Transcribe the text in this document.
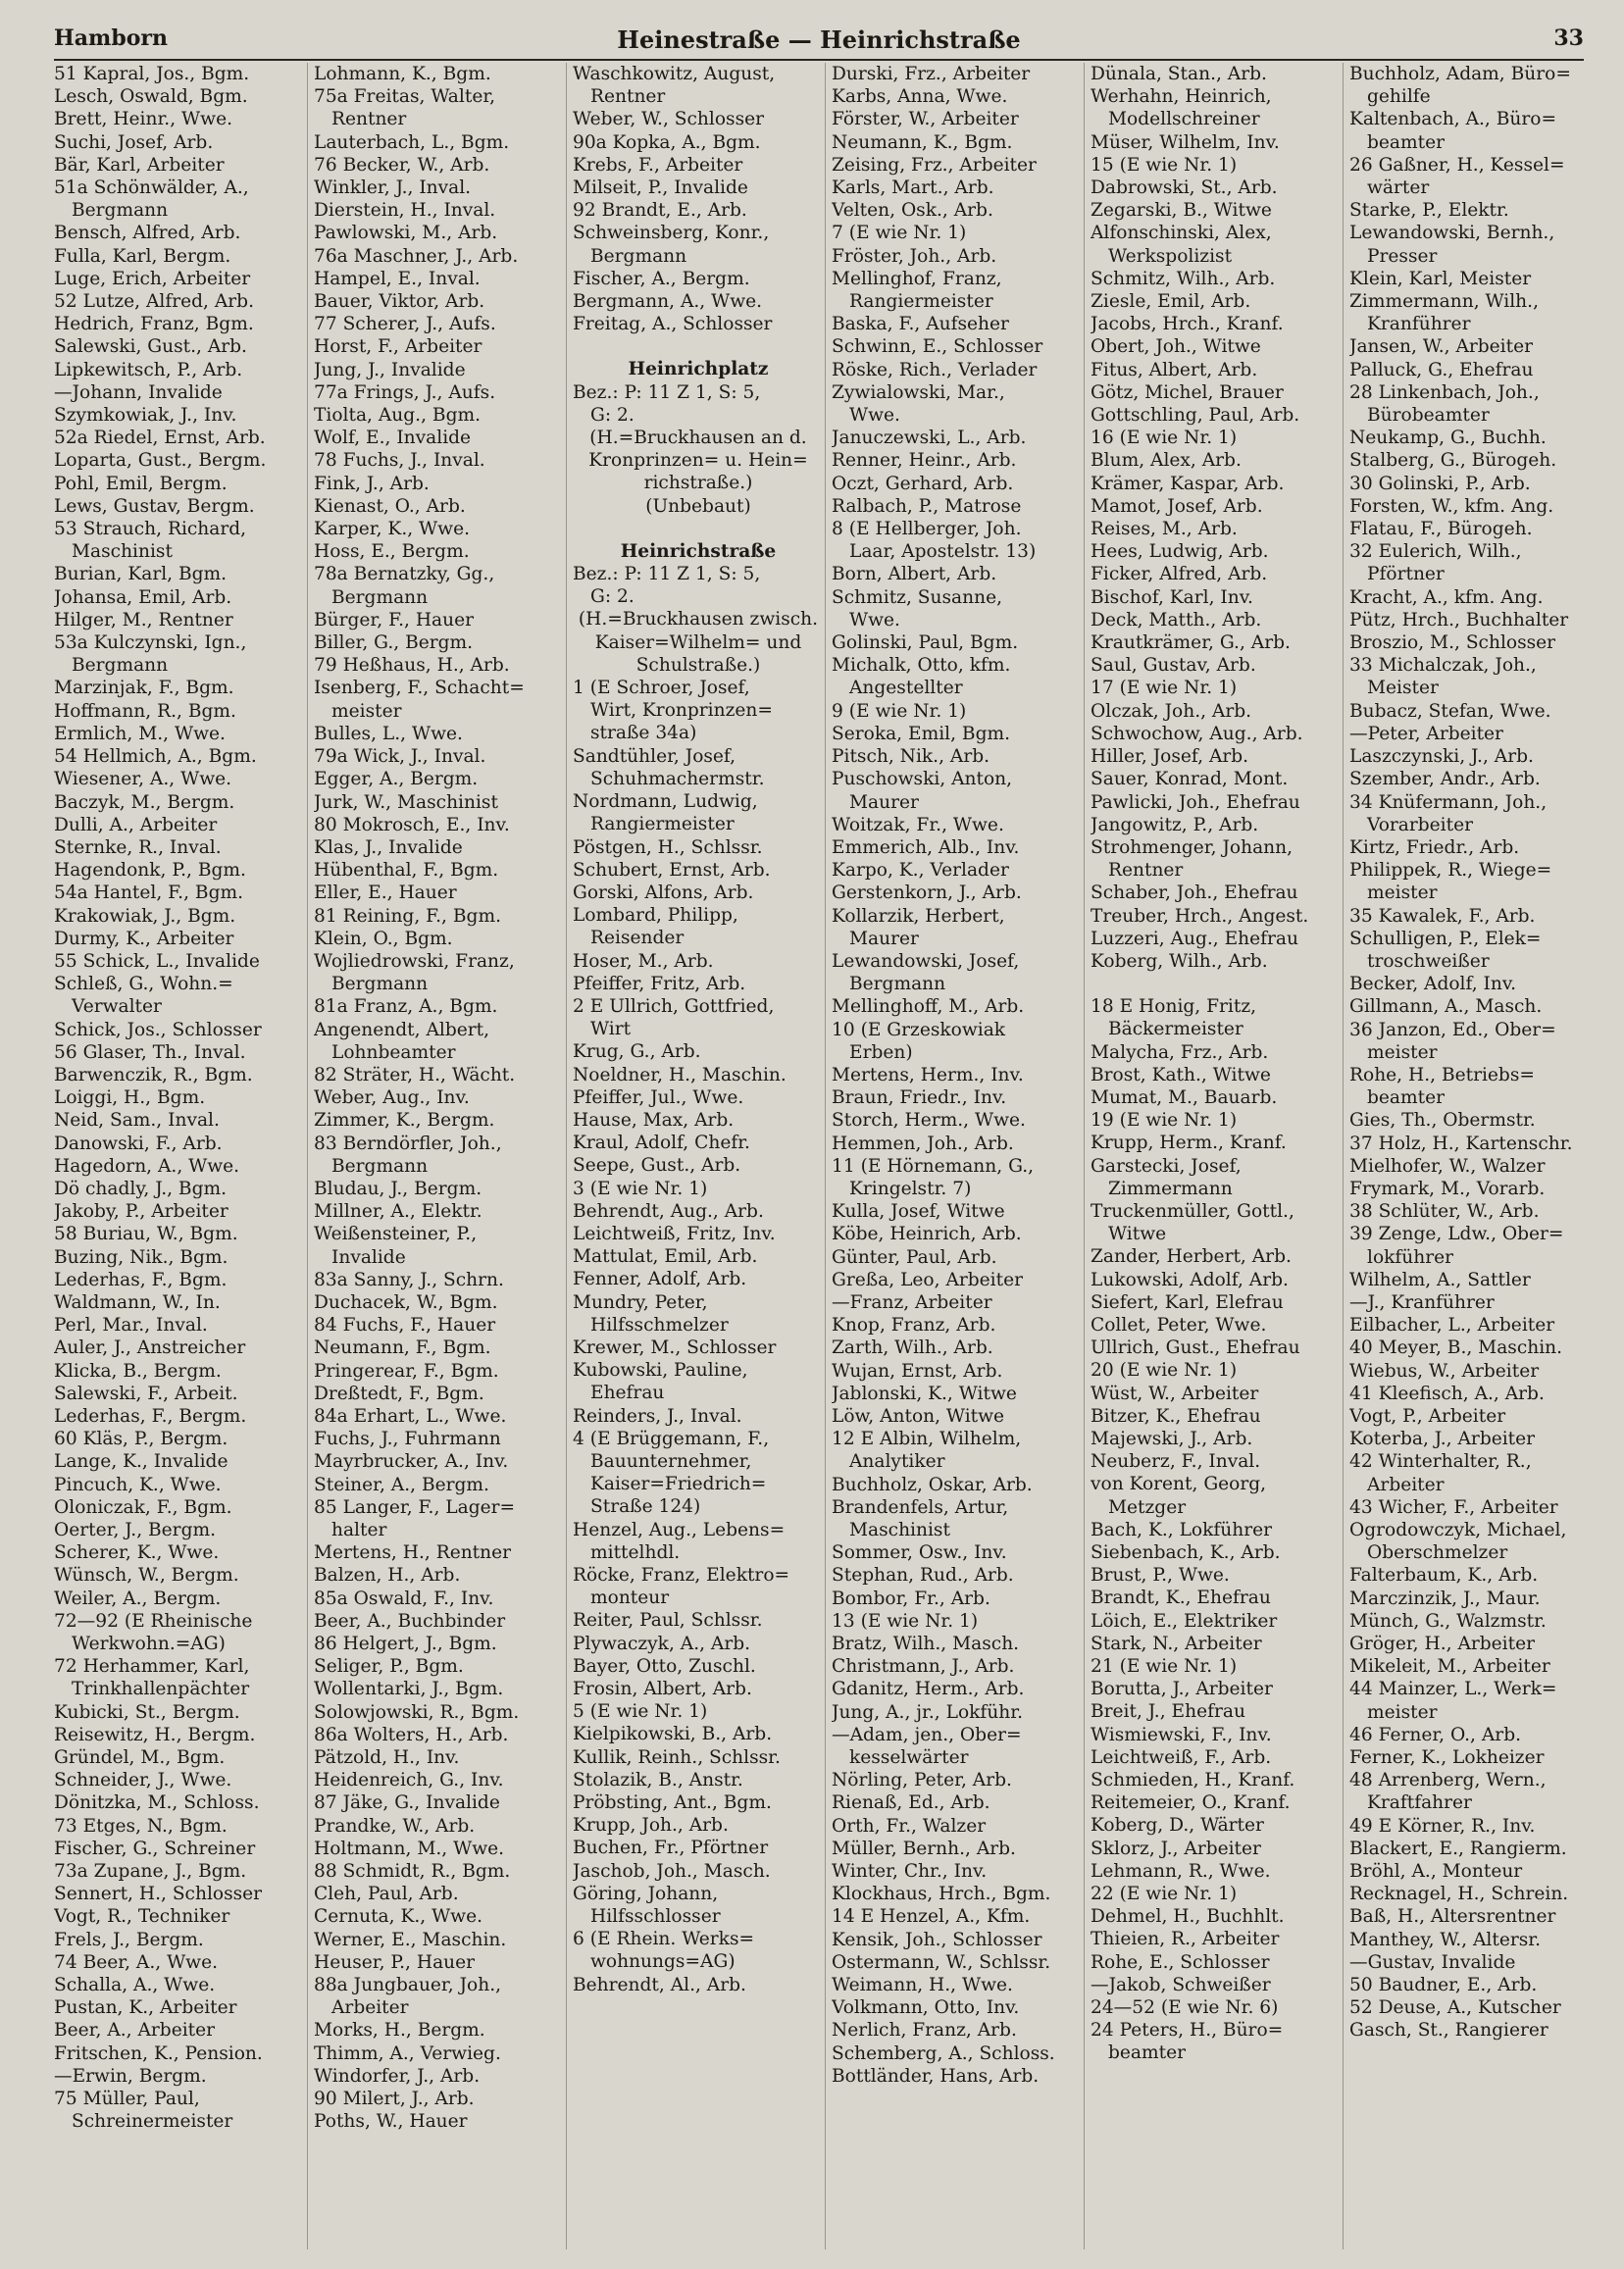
Hamborn	Heinestraße — Heinrichstraße	33
51 Kapral, Jos., Bgm.
Lesch, Oswald, Bgm.
Brett, Heinr., Wwe.
Suchi, Josef, Arb.
Bär, Karl, Arbeiter
51a Schönwälder, A.,
Bergmann
Bensch, Alfred, Arb.
Fulla, Karl, Bergm.
Luge, Erich, Arbeiter
52 Lutze, Alfred, Arb.
Hedrich, Franz, Bgm.
Salewski, Gust., Arb.
Lipkewitsch, P., Arb.
—Johann, Invalide
Szymkowiak, J., Inv.
52a Riedel, Ernst, Arb.
Loparta, Gust., Bergm.
Pohl, Emil, Bergm.
Lews, Gustav, Bergm.
53 Strauch, Richard,
Maschinist
Burian, Karl, Bgm.
Johansa, Emil, Arb.
Hilger, M., Rentner
53a Kulczynski, Ign.,
Bergmann
Marzinjak, F., Bgm.
Hoffmann, R., Bgm.
Ermlich, M., Wwe.
54 Hellmich, A., Bgm.
Wiesener, A., Wwe.
Baczyk, M., Bergm.
Dulli, A., Arbeiter
Sternke, R., Inval.
Hagendonk, P., Bgm.
54a Hantel, F., Bgm.
Krakowiak, J., Bgm.
Durmy, K., Arbeiter
55 Schick, L., Invalide
Schleß, G., Wohn.=
Verwalter
Schick, Jos., Schlosser
56 Glaser, Th., Inval.
Barwenczik, R., Bgm.
Loiggi, H., Bgm.
Neid, Sam., Inval.
Danowski, F., Arb.
Hagedorn, A., Wwe.
Dö chadly, J., Bgm.
Jakoby, P., Arbeiter
58 Buriau, W., Bgm.
Buzing, Nik., Bgm.
Lederhas, F., Bgm.
Waldmann, W., In.
Perl, Mar., Inval.
Auler, J., Anstreicher
Klicka, B., Bergm.
Salewski, F., Arbeit.
Lederhas, F., Bergm.
60 Kläs, P., Bergm.
Lange, K., Invalide
Pincuch, K., Wwe.
Oloniczak, F., Bgm.
Oerter, J., Bergm.
Scherer, K., Wwe.
Wünsch, W., Bergm.
Weiler, A., Bergm.
72—92 (E Rheinische
Werkwohn.=AG)
72 Herhammer, Karl,
Trinkhallenpächter
Kubicki, St., Bergm.
Reisewitz, H., Bergm.
Gründel, M., Bgm.
Schneider, J., Wwe.
Dönitzka, M., Schloss.
73 Etges, N., Bgm.
Fischer, G., Schreiner
73a Zupane, J., Bgm.
Sennert, H., Schlosser
Vogt, R., Techniker
Frels, J., Bergm.
74 Beer, A., Wwe.
Schalla, A., Wwe.
Pustan, K., Arbeiter
Beer, A., Arbeiter
Fritschen, K., Pension.
—Erwin, Bergm.
75 Müller, Paul,
Schreinermeister
Lohmann, K., Bgm.
75a Freitas, Walter,
Rentner
Lauterbach, L., Bgm.
76 Becker, W., Arb.
Winkler, J., Inval.
Dierstein, H., Inval.
Pawlowski, M., Arb.
76a Maschner, J., Arb.
Hampel, E., Inval.
Bauer, Viktor, Arb.
77 Scherer, J., Aufs.
Horst, F., Arbeiter
Jung, J., Invalide
77a Frings, J., Aufs.
Tiolta, Aug., Bgm.
Wolf, E., Invalide
78 Fuchs, J., Inval.
Fink, J., Arb.
Kienast, O., Arb.
Karper, K., Wwe.
Hoss, E., Bergm.
78a Bernatzky, Gg.,
Bergmann
Bürger, F., Hauer
Biller, G., Bergm.
79 Heßhaus, H., Arb.
Isenberg, F., Schacht=
meister
Bulles, L., Wwe.
79a Wick, J., Inval.
Egger, A., Bergm.
Jurk, W., Maschinist
80 Mokrosch, E., Inv.
Klas, J., Invalide
Hübenthal, F., Bgm.
Eller, E., Hauer
81 Reining, F., Bgm.
Klein, O., Bgm.
Wojliedrowski, Franz,
Bergmann
81a Franz, A., Bgm.
Angenendt, Albert,
Lohnbeamter
82 Sträter, H., Wächt.
Weber, Aug., Inv.
Zimmer, K., Bergm.
83 Berndörfler, Joh.,
Bergmann
Bludau, J., Bergm.
Millner, A., Elektr.
Weißensteiner, P.,
Invalide
83a Sanny, J., Schrn.
Duchacek, W., Bgm.
84 Fuchs, F., Hauer
Neumann, F., Bgm.
Pringerear, F., Bgm.
Dreßtedt, F., Bgm.
84a Erhart, L., Wwe.
Fuchs, J., Fuhrmann
Mayrbrucker, A., Inv.
Steiner, A., Bergm.
85 Langer, F., Lager=
halter
Mertens, H., Rentner
Balzen, H., Arb.
85a Oswald, F., Inv.
Beer, A., Buchbinder
86 Helgert, J., Bgm.
Seliger, P., Bgm.
Wollentarki, J., Bgm.
Solowjowski, R., Bgm.
86a Wolters, H., Arb.
Pätzold, H., Inv.
Heidenreich, G., Inv.
87 Jäke, G., Invalide
Prandke, W., Arb.
Holtmann, M., Wwe.
88 Schmidt, R., Bgm.
Cleh, Paul, Arb.
Cernuta, K., Wwe.
Werner, E., Maschin.
Heuser, P., Hauer
88a Jungbauer, Joh.,
Arbeiter
Morks, H., Bergm.
Thimm, A., Verwieg.
Windorfer, J., Arb.
90 Milert, J., Arb.
Poths, W., Hauer
Waschkowitz, August,
Rentner
Weber, W., Schlosser
90a Kopka, A., Bgm.
Krebs, F., Arbeiter
Milseit, P., Invalide
92 Brandt, E., Arb.
Schweinsberg, Konr.,
Bergmann
Fischer, A., Bergm.
Bergmann, A., Wwe.
Freitag, A., Schlosser
Heinrichplatz
Bez.: P: 11 Z 1, S: 5,
G: 2.
(H.=Bruckhausen an d.
Kronprinzen= u. Hein=
richstraße.)
(Unbebaut)
Heinrichstraße
Bez.: P: 11 Z 1, S: 5,
G: 2.
(H.=Bruckhausen zwisch.
Kaiser=Wilhelm= und
Schulstraße.)
1 (E Schroer, Josef,
Wirt, Kronprinzen=
straße 34a)
Sandtühler, Josef,
Schuhmachermstr.
Nordmann, Ludwig,
Rangiermeister
Pöstgen, H., Schlssr.
Schubert, Ernst, Arb.
Gorski, Alfons, Arb.
Lombard, Philipp,
Reisender
Hoser, M., Arb.
Pfeiffer, Fritz, Arb.
2 E Ullrich, Gottfried,
Wirt
Krug, G., Arb.
Noeldner, H., Maschin.
Pfeiffer, Jul., Wwe.
Hause, Max, Arb.
Kraul, Adolf, Chefr.
Seepe, Gust., Arb.
3 (E wie Nr. 1)
Behrendt, Aug., Arb.
Leichtweiß, Fritz, Inv.
Mattulat, Emil, Arb.
Fenner, Adolf, Arb.
Mundry, Peter,
Hilfsschmelzer
Krewer, M., Schlosser
Kubowski, Pauline,
Ehefrau
Reinders, J., Inval.
4 (E Brüggemann, F.,
Bauunternehmer,
Kaiser=Friedrich=
Straße 124)
Henzel, Aug., Lebens=
mittelhdl.
Röcke, Franz, Elektro=
monteur
Reiter, Paul, Schlssr.
Plywaczyk, A., Arb.
Bayer, Otto, Zuschl.
Frosin, Albert, Arb.
5 (E wie Nr. 1)
Kielpikowski, B., Arb.
Kullik, Reinh., Schlssr.
Stolazik, B., Anstr.
Pröbsting, Ant., Bgm.
Krupp, Joh., Arb.
Buchen, Fr., Pförtner
Jaschob, Joh., Masch.
Göring, Johann,
Hilfsschlosser
6 (E Rhein. Werks=
wohnungs=AG)
Behrendt, Al., Arb.
Durski, Frz., Arbeiter
Karbs, Anna, Wwe.
Förster, W., Arbeiter
Neumann, K., Bgm.
Zeising, Frz., Arbeiter
Karls, Mart., Arb.
Velten, Osk., Arb.
7 (E wie Nr. 1)
Fröster, Joh., Arb.
Mellinghof, Franz,
Rangiermeister
Baska, F., Aufseher
Schwinn, E., Schlosser
Röske, Rich., Verlader
Zywialowski, Mar.,
Wwe.
Januczewski, L., Arb.
Renner, Heinr., Arb.
Oczt, Gerhard, Arb.
Ralbach, P., Matrose
8 (E Hellberger, Joh.
Laar, Apostelstr. 13)
Born, Albert, Arb.
Schmitz, Susanne,
Wwe.
Golinski, Paul, Bgm.
Michalk, Otto, kfm.
Angestellter
9 (E wie Nr. 1)
Seroka, Emil, Bgm.
Pitsch, Nik., Arb.
Puschowski, Anton,
Maurer
Woitzak, Fr., Wwe.
Emmerich, Alb., Inv.
Karpo, K., Verlader
Gerstenkorn, J., Arb.
Kollarzik, Herbert,
Maurer
Lewandowski, Josef,
Bergmann
Mellinghoff, M., Arb.
10 (E Grzeskowiak
Erben)
Mertens, Herm., Inv.
Braun, Friedr., Inv.
Storch, Herm., Wwe.
Hemmen, Joh., Arb.
11 (E Hörnemann, G.,
Kringelstr. 7)
Kulla, Josef, Witwe
Köbe, Heinrich, Arb.
Günter, Paul, Arb.
Greßa, Leo, Arbeiter
—Franz, Arbeiter
Knop, Franz, Arb.
Zarth, Wilh., Arb.
Wujan, Ernst, Arb.
Jablonski, K., Witwe
Löw, Anton, Witwe
12 E Albin, Wilhelm,
Analytiker
Buchholz, Oskar, Arb.
Brandenfels, Artur,
Maschinist
Sommer, Osw., Inv.
Stephan, Rud., Arb.
Bombor, Fr., Arb.
13 (E wie Nr. 1)
Bratz, Wilh., Masch.
Christmann, J., Arb.
Gdanitz, Herm., Arb.
Jung, A., jr., Lokführ.
—Adam, jen., Ober=
kesselwärter
Nörling, Peter, Arb.
Rienaß, Ed., Arb.
Orth, Fr., Walzer
Müller, Bernh., Arb.
Winter, Chr., Inv.
Klockhaus, Hrch., Bgm.
14 E Henzel, A., Kfm.
Kensik, Joh., Schlosser
Ostermann, W., Schlssr.
Weimann, H., Wwe.
Volkmann, Otto, Inv.
Nerlich, Franz, Arb.
Schemberg, A., Schloss.
Bottländer, Hans, Arb.
Dünala, Stan., Arb.
Werhahn, Heinrich,
Modellschreiner
Müser, Wilhelm, Inv.
15 (E wie Nr. 1)
Dabrowski, St., Arb.
Zegarski, B., Witwe
Alfonschinski, Alex,
Werkspolizist
Schmitz, Wilh., Arb.
Ziesle, Emil, Arb.
Jacobs, Hrch., Kranf.
Obert, Joh., Witwe
Fitus, Albert, Arb.
Götz, Michel, Brauer
Gottschling, Paul, Arb.
16 (E wie Nr. 1)
Blum, Alex, Arb.
Krämer, Kaspar, Arb.
Mamot, Josef, Arb.
Reises, M., Arb.
Hees, Ludwig, Arb.
Ficker, Alfred, Arb.
Bischof, Karl, Inv.
Deck, Matth., Arb.
Krautkrämer, G., Arb.
Saul, Gustav, Arb.
17 (E wie Nr. 1)
Olczak, Joh., Arb.
Schwochow, Aug., Arb.
Hiller, Josef, Arb.
Sauer, Konrad, Mont.
Pawlicki, Joh., Ehefrau
Jangowitz, P., Arb.
Strohmenger, Johann,
Rentner
Schaber, Joh., Ehefrau
Treuber, Hrch., Angest.
Luzzeri, Aug., Ehefrau
Koberg, Wilh., Arb.
18 E Honig, Fritz,
Bäckermeister
Malycha, Frz., Arb.
Brost, Kath., Witwe
Mumat, M., Bauarb.
19 (E wie Nr. 1)
Krupp, Herm., Kranf.
Garstecki, Josef,
Zimmermann
Truckenmüller, Gottl.,
Witwe
Zander, Herbert, Arb.
Lukowski, Adolf, Arb.
Siefert, Karl, Elefrau
Collet, Peter, Wwe.
Ullrich, Gust., Ehefrau
20 (E wie Nr. 1)
Wüst, W., Arbeiter
Bitzer, K., Ehefrau
Majewski, J., Arb.
Neuberz, F., Inval.
von Korent, Georg,
Metzger
Bach, K., Lokführer
Siebenbach, K., Arb.
Brust, P., Wwe.
Brandt, K., Ehefrau
Löich, E., Elektriker
Stark, N., Arbeiter
21 (E wie Nr. 1)
Borutta, J., Arbeiter
Breit, J., Ehefrau
Wismiewski, F., Inv.
Leichtweiß, F., Arb.
Schmieden, H., Kranf.
Reitemeier, O., Kranf.
Koberg, D., Wärter
Sklorz, J., Arbeiter
Lehmann, R., Wwe.
22 (E wie Nr. 1)
Dehmel, H., Buchhlt.
Thieien, R., Arbeiter
Rohe, E., Schlosser
—Jakob, Schweißer
24—52 (E wie Nr. 6)
24 Peters, H., Büro=
beamter
Buchholz, Adam, Büro=
gehilfe
Kaltenbach, A., Büro=
beamter
26 Gaßner, H., Kessel=
wärter
Starke, P., Elektr.
Lewandowski, Bernh.,
Presser
Klein, Karl, Meister
Zimmermann, Wilh.,
Kranführer
Jansen, W., Arbeiter
Palluck, G., Ehefrau
28 Linkenbach, Joh.,
Bürobeamter
Neukamp, G., Buchh.
Stalberg, G., Bürogeh.
30 Golinski, P., Arb.
Forsten, W., kfm. Ang.
Flatau, F., Bürogeh.
32 Eulerich, Wilh.,
Pförtner
Kracht, A., kfm. Ang.
Pütz, Hrch., Buchhalter
Broszio, M., Schlosser
33 Michalczak, Joh.,
Meister
Bubacz, Stefan, Wwe.
—Peter, Arbeiter
Laszczynski, J., Arb.
Szember, Andr., Arb.
34 Knüfermann, Joh.,
Vorarbeiter
Kirtz, Friedr., Arb.
Philippek, R., Wiege=
meister
35 Kawalek, F., Arb.
Schulligen, P., Elek=
troschweißer
Becker, Adolf, Inv.
Gillmann, A., Masch.
36 Janzon, Ed., Ober=
meister
Rohe, H., Betriebs=
beamter
Gies, Th., Obermstr.
37 Holz, H., Kartenschr.
Mielhofer, W., Walzer
Frymark, M., Vorarb.
38 Schlüter, W., Arb.
39 Zenge, Ldw., Ober=
lokführer
Wilhelm, A., Sattler
—J., Kranführer
Eilbacher, L., Arbeiter
40 Meyer, B., Maschin.
Wiebus, W., Arbeiter
41 Kleefisch, A., Arb.
Vogt, P., Arbeiter
Koterba, J., Arbeiter
42 Winterhalter, R.,
Arbeiter
43 Wicher, F., Arbeiter
Ogrodowczyk, Michael,
Oberschmelzer
Falterbaum, K., Arb.
Marczinzik, J., Maur.
Münch, G., Walzmstr.
Gröger, H., Arbeiter
Mikeleit, M., Arbeiter
44 Mainzer, L., Werk=
meister
46 Ferner, O., Arb.
Ferner, K., Lokheizer
48 Arrenberg, Wern.,
Kraftfahrer
49 E Körner, R., Inv.
Blackert, E., Rangierm.
Bröhl, A., Monteur
Recknagel, H., Schrein.
Baß, H., Altersrentner
Manthey, W., Altersr.
—Gustav, Invalide
50 Baudner, E., Arb.
52 Deuse, A., Kutscher
Gasch, St., Rangierer
